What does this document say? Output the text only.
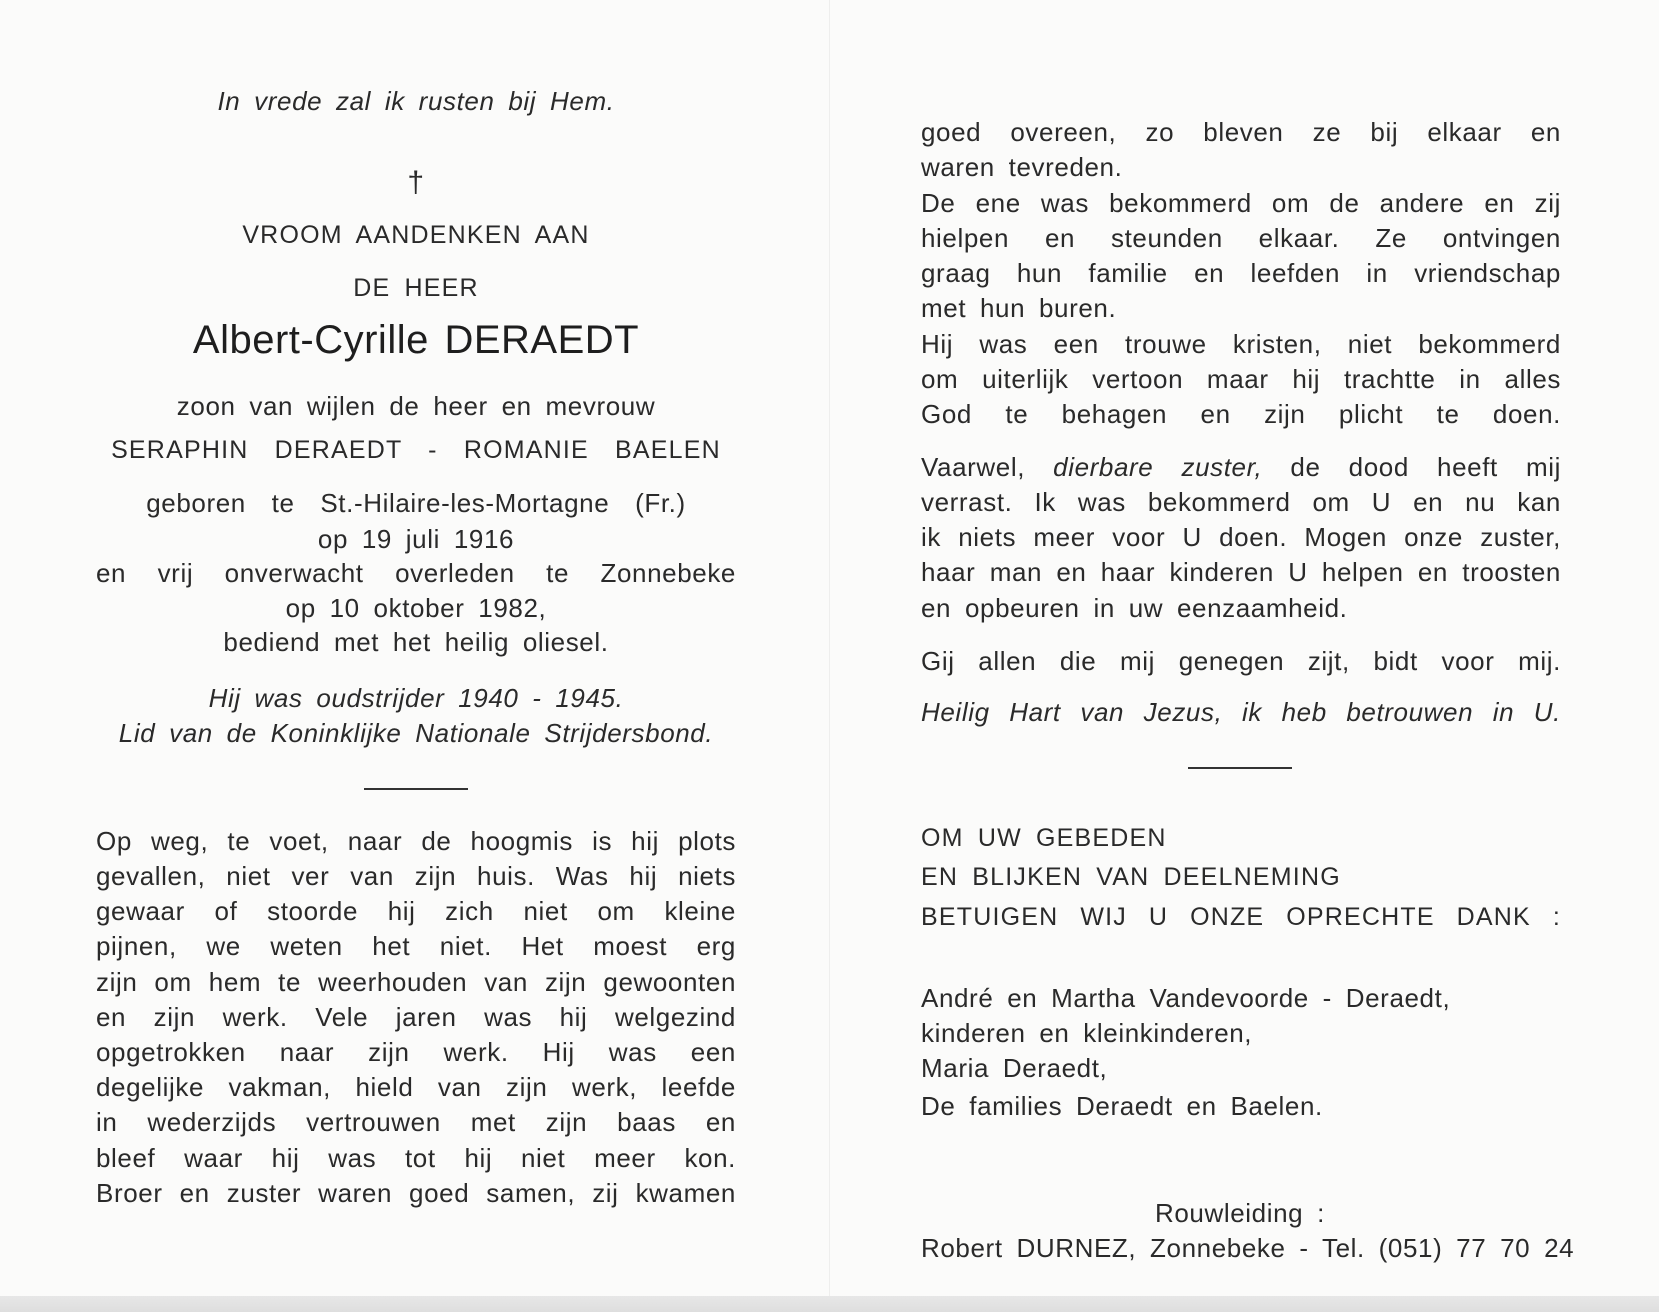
In vrede zal ik rusten bij Hem.
†
VROOM AANDENKEN AAN
DE HEER
Albert-Cyrille DERAEDT
zoon van wijlen de heer en mevrouw
SERAPHIN DERAEDT - ROMANIE BAELEN
geboren te St.-Hilaire-les-Mortagne (Fr.)
op 19 juli 1916
en vrij onverwacht overleden te Zonnebeke
op 10 oktober 1982,
bediend met het heilig oliesel.
Hij was oudstrijder 1940 - 1945.
Lid van de Koninklijke Nationale Strijdersbond.
Op weg, te voet, naar de hoogmis is hij plots
gevallen, niet ver van zijn huis. Was hij niets
gewaar of stoorde hij zich niet om kleine
pijnen, we weten het niet. Het moest erg
zijn om hem te weerhouden van zijn gewoonten
en zijn werk. Vele jaren was hij welgezind
opgetrokken naar zijn werk. Hij was een
degelijke vakman, hield van zijn werk, leefde
in wederzijds vertrouwen met zijn baas en
bleef waar hij was tot hij niet meer kon.
Broer en zuster waren goed samen, zij kwamen
goed overeen, zo bleven ze bij elkaar en
waren tevreden.
De ene was bekommerd om de andere en zij
hielpen en steunden elkaar. Ze ontvingen
graag hun familie en leefden in vriendschap
met hun buren.
Hij was een trouwe kristen, niet bekommerd
om uiterlijk vertoon maar hij trachtte in alles
God te behagen en zijn plicht te doen.
Vaarwel, dierbare zuster, de dood heeft mij
verrast. Ik was bekommerd om U en nu kan
ik niets meer voor U doen. Mogen onze zuster,
haar man en haar kinderen U helpen en troosten
en opbeuren in uw eenzaamheid.
Gij allen die mij genegen zijt, bidt voor mij.
Heilig Hart van Jezus, ik heb betrouwen in U.
OM UW GEBEDEN
EN BLIJKEN VAN DEELNEMING
BETUIGEN WIJ U ONZE OPRECHTE DANK :
André en Martha Vandevoorde - Deraedt,
kinderen en kleinkinderen,
Maria Deraedt,
De families Deraedt en Baelen.
Rouwleiding :
Robert DURNEZ, Zonnebeke - Tel. (051) 77 70 24
